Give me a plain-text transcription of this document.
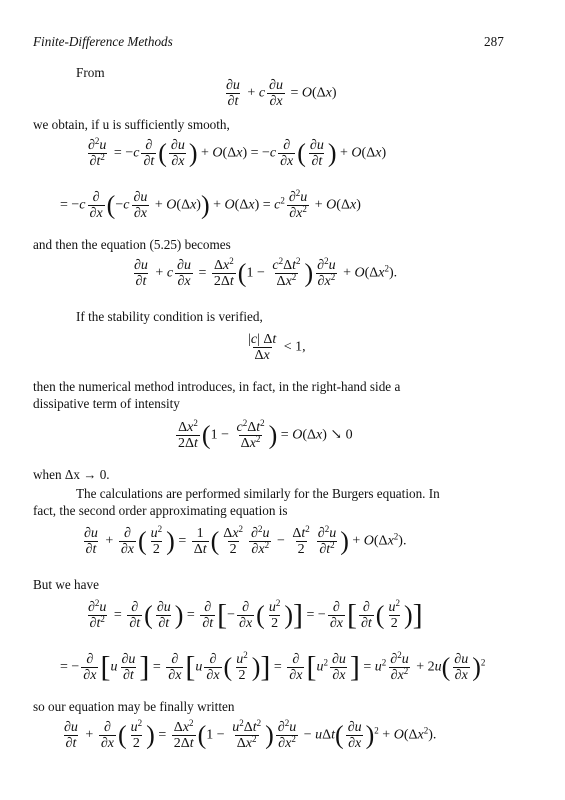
Finite-Difference Methods	287
From
$\frac{\partial u}{\partial t} + c \frac{\partial u}{\partial x} = O(\Delta x)$
we obtain, if u is sufficiently smooth,
$\frac{\partial^2u}{\partial t^2} = -c \frac{\partial}{\partial t}$ ( $\frac{\partial u}{\partial x}$ ) + $O(\Delta x) = -c \frac{\partial}{\partial x}$ ( $\frac{\partial u}{\partial t}$ ) + O(Δx)
= $-c \frac{\partial}{\partial x} (-c \frac{\partial u}{\partial x} + O(\Delta x)) + O(\Delta x) = c^2 \frac{\partial^2u}{\partial x^2} + O(\Delta x)$
and then the equation (5.25) becomes
$\frac{\partial u}{\partial t} + c \frac{\partial u}{\partial x} = \frac{\Delta x^2}{2\Delta t} (1 - \frac{c^2\Delta t^2}{\Delta x^2}$ ) $\frac{\partial^2u}{\partial x^2} + O(\Delta x^2)$.
If the stability condition is verified,
$\frac{|c| \Delta t}{\Delta x} < 1$,
then the numerical method introduces, in fact, in the right-hand side a
dissipative term of intensity
$\frac{\Delta x^2}{2\Delta t} (1 - \frac{c^2\Delta t^2}{\Delta x^2}$ ) = O(Δx) ↘ 0
when Δx → 0.
The calculations are performed similarly for the Burgers equation. In
fact, the second order approximating equation is
$\frac{\partial u}{\partial t} + \frac{\partial}{\partial x}$ ( $\frac{u^2}{2}$ ) = $\frac{1}{\Delta t}$ ( $\frac{\Delta x^2}{2} \frac{\partial^2u}{\partial x^2} - \frac{\Delta t^2}{2} \frac{\partial^2u}{\partial t^2}$ ) + $O(\Delta x^2)$.
But we have
$\frac{\partial^2u}{\partial t^2} = \frac{\partial}{\partial t}$ ( $\frac{\partial u}{\partial t}$ ) = $\frac{\partial}{\partial t}$ [− $\frac{\partial}{\partial x}$ ( $\frac{u^2}{2}$ )] = − $\frac{\partial}{\partial x}$ [ $\frac{\partial}{\partial t}$ ( $\frac{u^2}{2}$ )]
= − $\frac{\partial}{\partial x} [u \frac{\partial u}{\partial t}$ ] = $\frac{\partial}{\partial x} [u \frac{\partial}{\partial x}$ ( $\frac{u^2}{2}$ )] = $\frac{\partial}{\partial x} [u^2 \frac{\partial u}{\partial x}$ ] = $u^2 \frac{\partial^2u}{\partial x^2} + 2u( \frac{\partial u}{\partial x} )^2$
so our equation may be finally written
$\frac{\partial u}{\partial t} + \frac{\partial}{\partial x}$ ( $\frac{u^2}{2}$ ) = $\frac{\Delta x^2}{2\Delta t} (1 - \frac{u^2\Delta t^2}{\Delta x^2}$ ) $\frac{\partial^2u}{\partial x^2} - u\Delta t( \frac{\partial u}{\partial x} )^2 + O(\Delta x^2)$.
